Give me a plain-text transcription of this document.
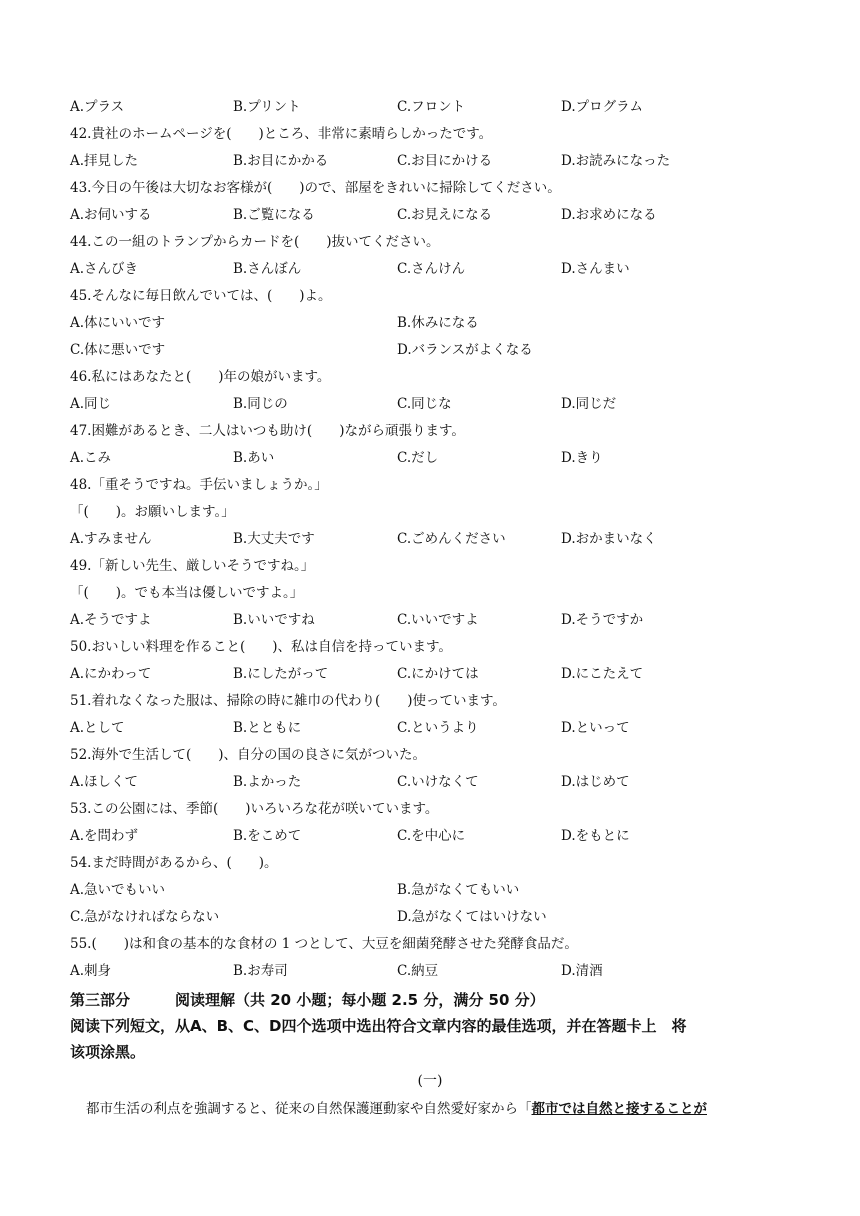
A.プラス	B.プリント	C.フロント	D.プログラム
42.貴社のホームページを(　　)ところ、非常に素晴らしかったです。
A.拝見した	B.お目にかかる	C.お目にかける	D.お読みになった
43.今日の午後は大切なお客様が(　　)ので、部屋をきれいに掃除してください。
A.お伺いする	B.ご覧になる	C.お見えになる	D.お求めになる
44.この一組のトランプからカードを(　　)抜いてください。
A.さんびき	B.さんぼん	C.さんけん	D.さんまい
45.そんなに毎日飲んでいては、(　　)よ。
A.体にいいです	B.休みになる
C.体に悪いです	D.バランスがよくなる
46.私にはあなたと(　　)年の娘がいます。
A.同じ	B.同じの	C.同じな	D.同じだ
47.困難があるとき、二人はいつも助け(　　)ながら頑張ります。
A.こみ	B.あい	C.だし	D.きり
48.「重そうですね。手伝いましょうか。」
「(　　)。お願いします。」
A.すみません	B.大丈夫です	C.ごめんください	D.おかまいなく
49.「新しい先生、厳しいそうですね。」
「(　　)。でも本当は優しいですよ。」
A.そうですよ	B.いいですね	C.いいですよ	D.そうですか
50.おいしい料理を作ること(　　)、私は自信を持っています。
A.にかわって	B.にしたがって	C.にかけては	D.にこたえて
51.着れなくなった服は、掃除の時に雑巾の代わり(　　)使っています。
A.として	B.とともに	C.というより	D.といって
52.海外で生活して(　　)、自分の国の良さに気がついた。
A.ほしくて	B.よかった	C.いけなくて	D.はじめて
53.この公園には、季節(　　)いろいろな花が咲いています。
A.を問わず	B.をこめて	C.を中心に	D.をもとに
54.まだ時間があるから、(　　)。
A.急いでもいい	B.急がなくてもいい
C.急がなければならない	D.急がなくてはいけない
55.(　　)は和食の基本的な食材の 1 つとして、大豆を細菌発酵させた発酵食品だ。
A.刺身	B.お寿司	C.納豆	D.清酒
第三部分　　　阅读理解（共 20 小题；每小题 2.5 分，满分 50 分）
阅读下列短文，从A、B、C、D四个选项中选出符合文章内容的最佳选项，并在答题卡上　将
该项涂黑。
(一)
都市生活の利点を強調すると、従来の自然保護運動家や自然愛好家から「都市では自然と接することが
